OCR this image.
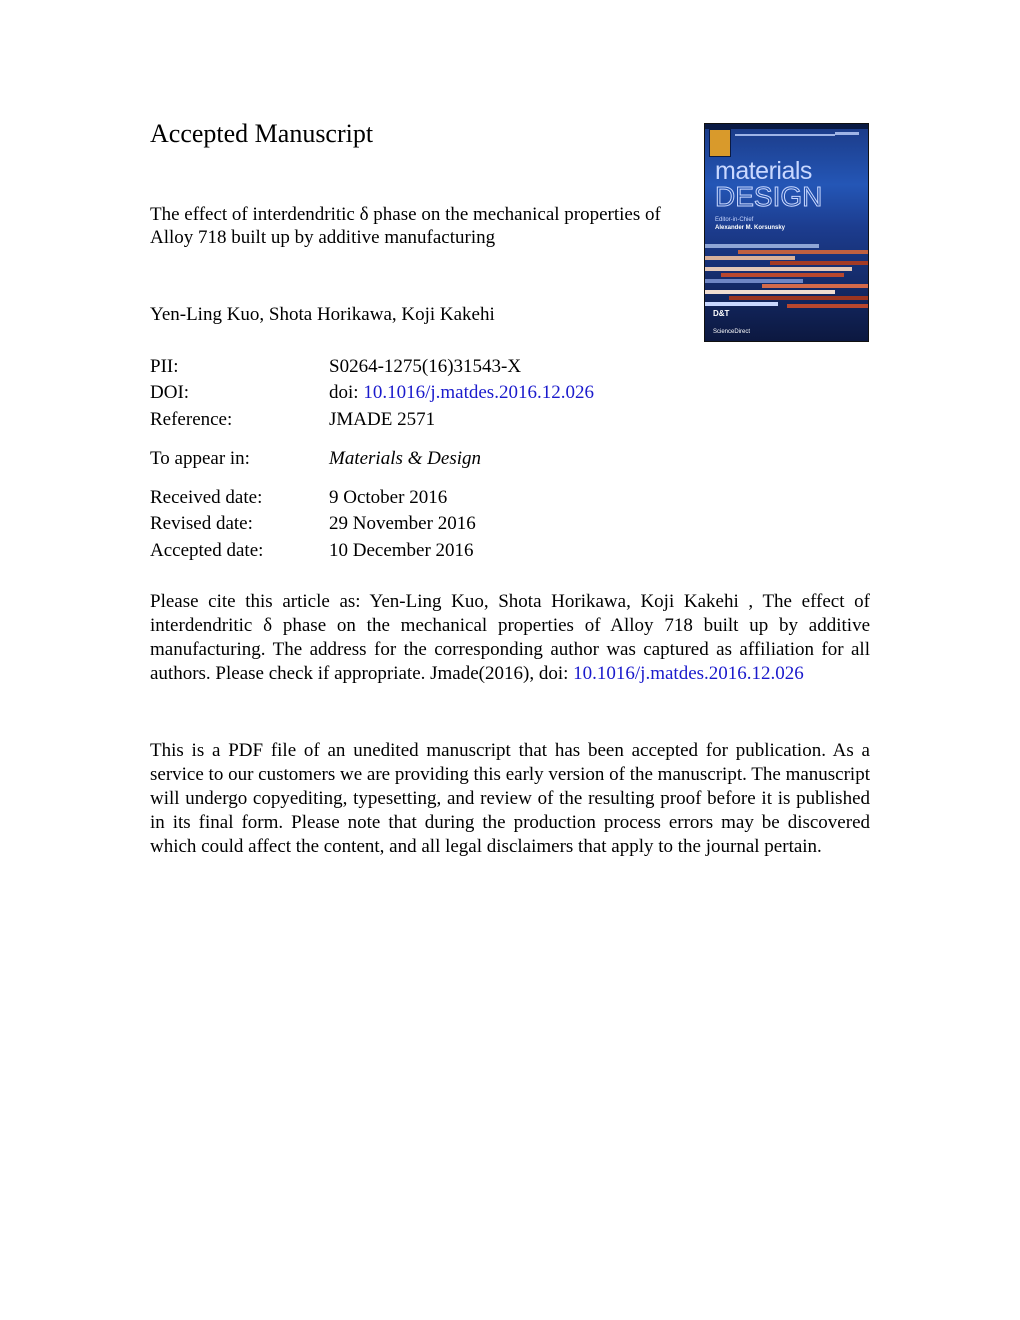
Accepted Manuscript
The effect of interdendritic δ phase on the mechanical properties of Alloy 718 built up by additive manufacturing
Yen-Ling Kuo, Shota Horikawa, Koji Kakehi
PII:	S0264-1275(16)31543-X
DOI:	doi: 10.1016/j.matdes.2016.12.026
Reference:	JMADE 2571
To appear in:	Materials & Design
Received date:	9 October 2016
Revised date:	29 November 2016
Accepted date:	10 December 2016
Please cite this article as: Yen-Ling Kuo, Shota Horikawa, Koji Kakehi , The effect of interdendritic δ phase on the mechanical properties of Alloy 718 built up by additive manufacturing. The address for the corresponding author was captured as affiliation for all authors. Please check if appropriate. Jmade(2016), doi: 10.1016/j.matdes.2016.12.026
This is a PDF file of an unedited manuscript that has been accepted for publication. As a service to our customers we are providing this early version of the manuscript. The manuscript will undergo copyediting, typesetting, and review of the resulting proof before it is published in its final form. Please note that during the production process errors may be discovered which could affect the content, and all legal disclaimers that apply to the journal pertain.
materials
DESIGN
Editor-in-Chief
Alexander M. Korsunsky
D&T
ScienceDirect
